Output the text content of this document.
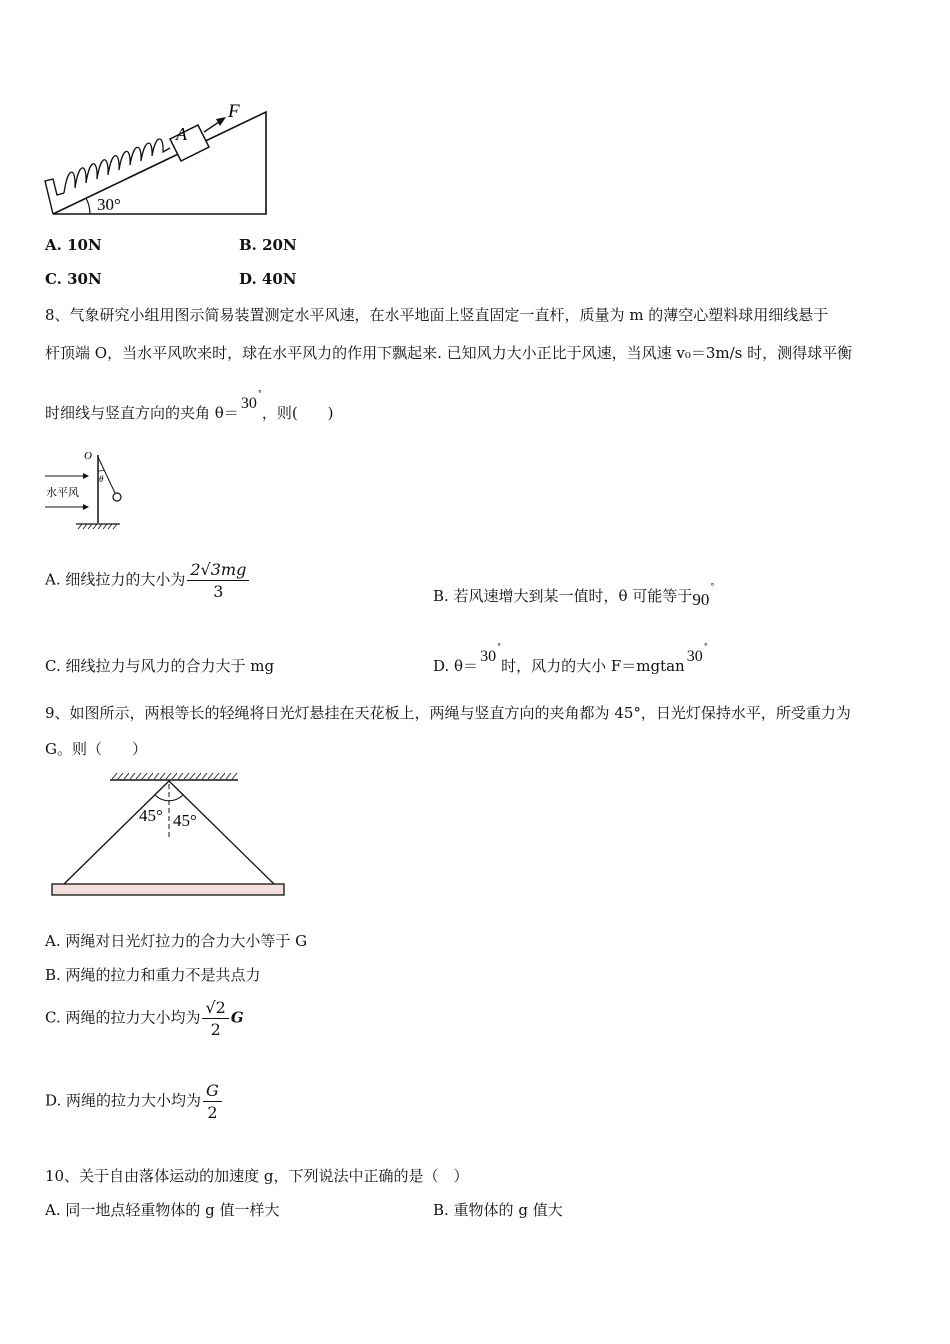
F
A
30°
A. 10N	B. 20N
C. 30N	D. 40N
8、气象研究小组用图示简易装置测定水平风速，在水平地面上竖直固定一直杆，质量为 m 的薄空心塑料球用细线悬于
杆顶端 O，当水平风吹来时，球在水平风力的作用下飘起来. 已知风力大小正比于风速，当风速 v₀＝3m/s 时，测得球平衡
时细线与竖直方向的夹角 θ＝30°，则(　　)
O
θ
水平风
A. 细线拉力的大小为 $\frac{2√3mg}{3}$	B. 若风速增大到某一值时，θ 可能等于90°
C. 细线拉力与风力的合力大于 mg	D. θ＝30°时，风力的大小 F＝mgtan30°
9、如图所示，两根等长的轻绳将日光灯悬挂在天花板上，两绳与竖直方向的夹角都为 45°，日光灯保持水平，所受重力为
G。则（　　）
45° 45°
A. 两绳对日光灯拉力的合力大小等于 G
B. 两绳的拉力和重力不是共点力
C. 两绳的拉力大小均为 $\frac{√2}{2}$ G
D. 两绳的拉力大小均为 $\frac{G}{2}$
10、关于自由落体运动的加速度 g，下列说法中正确的是（　）
A. 同一地点轻重物体的 g 值一样大	B. 重物体的 g 值大
